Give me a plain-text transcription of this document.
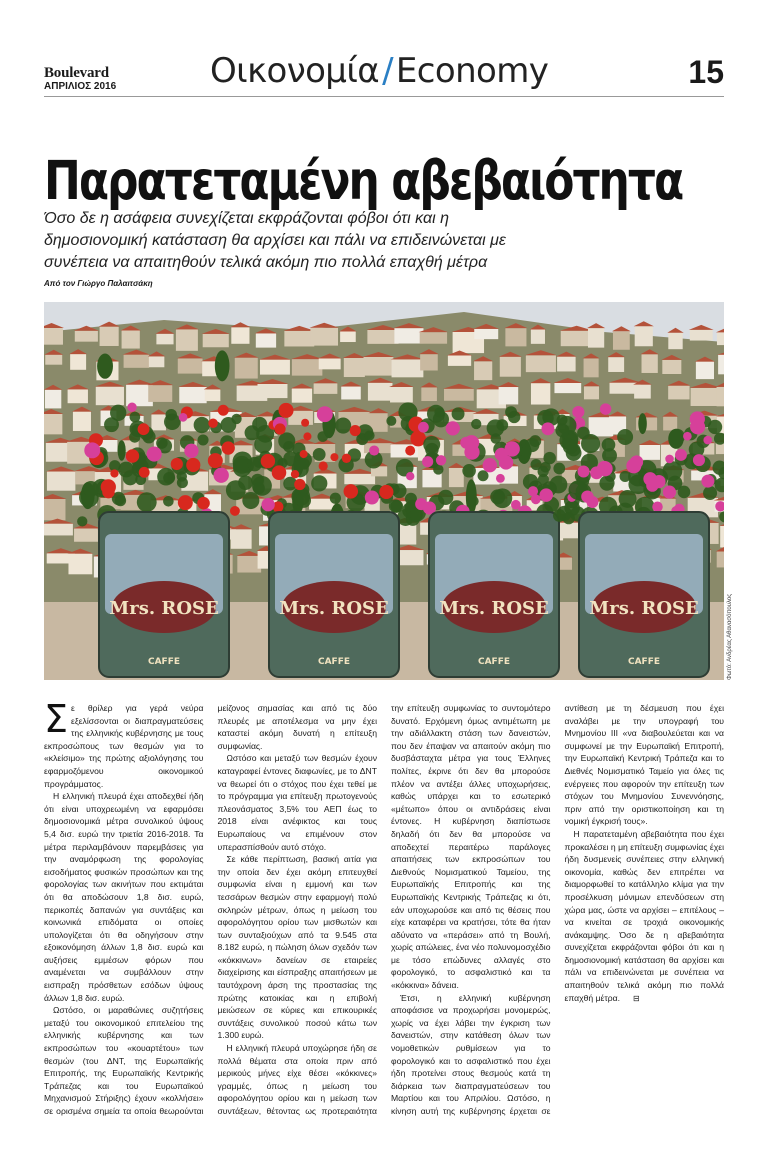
Boulevard
ΑΠΡΙΛΙΟΣ 2016	Οικονομία/Economy	15
Παρατεταμένη αβεβαιότητα

Όσο δε η ασάφεια συνεχίζεται εκφράζονται φόβοι ότι και η δημοσιονομική κατάσταση θα αρχίσει και πάλι να επιδεινώνεται με συνέπεια να απαιτηθούν τελικά ακόμη πιο πολλά επαχθή μέτρα

Από τον Γιώργο Παλαιτσάκη
Mrs. ROSE
CAFFE
Mrs. ROSE
CAFFE
Mrs. ROSE
CAFFE
Mrs. ROSE
CAFFE	Φωτό: Ανδρέας Αθανασόπουλος

Σε θρίλερ για γερά νεύρα εξελίσσονται οι διαπραγματεύσεις της ελληνικής κυβέρνησης με τους εκπροσώπους των θεσμών για το «κλείσιμο» της πρώτης αξιολόγησης του εφαρμοζόμενου οικονομικού προγράμματος.

Η ελληνική πλευρά έχει αποδεχθεί ήδη ότι είναι υποχρεωμένη να εφαρμόσει δημοσιονομικά μέτρα συνολικού ύψους 5,4 δισ. ευρώ την τριετία 2016-2018. Τα μέτρα περιλαμβάνουν παρεμβάσεις για την αναμόρφωση της φορολογίας εισοδήματος φυσικών προσώπων και της φορολογίας των ακινήτων που εκτιμάται ότι θα αποδώσουν 1,8 δισ. ευρώ, περικοπές δαπανών για συντάξεις και κοινωνικά επιδόματα οι οποίες υπολογίζεται ότι θα οδηγήσουν στην εξοικονόμηση άλλων 1,8 δισ. ευρώ και αυξήσεις εμμέσων φόρων που αναμένεται να συμβάλλουν στην εισπραξη πρόσθετων εσόδων ύψους άλλων 1,8 δισ. ευρώ.

Ωστόσο, οι μαραθώνιες συζητήσεις μεταξύ του οικονομικού επιτελείου της ελληνικής κυβέρνησης και των εκπροσώπων του «κουαρτέτου» των θεσμών (του ΔΝΤ, της Ευρωπαϊκής Επιτροπής, της Ευρωπαϊκής Κεντρικής Τράπεζας και του Ευρωπαϊκού Μηχανισμού Στήριξης) έχουν «κολλήσει» σε ορισμένα σημεία τα οποία θεωρούνται μείζονος σημασίας και από τις δύο πλευρές με αποτέλεσμα να μην έχει καταστεί ακόμη δυνατή η επίτευξη συμφωνίας.

Ωστόσο και μεταξύ των θεσμών έχουν καταγραφεί έντονες διαφωνίες, με το ΔΝΤ να θεωρεί ότι ο στόχος που έχει τεθεί με το πρόγραμμα για επίτευξη πρωτογενούς πλεονάσματος 3,5% του ΑΕΠ έως το 2018 είναι ανέφικτος και τους Ευρωπαίους να επιμένουν στον υπερασπίσθούν αυτό στόχο.

Σε κάθε περίπτωση, βασική αιτία για την οποία δεν έχει ακόμη επιτευχθεί συμφωνία είναι η εμμονή και των τεσσάρων θεσμών στην εφαρμογή πολύ σκληρών μέτρων, όπως η μείωση του αφορολόγητου ορίου των μισθωτών και των συνταξιούχων από τα 9.545 στα 8.182 ευρώ, η πώληση όλων σχεδόν των «κόκκινων» δανείων σε εταιρείες διαχείρισης και είσπραξης απαιτήσεων με ταυτόχρονη άρση της προστασίας της πρώτης κατοικίας και η επιβολή μειώσεων σε κύριες και επικουρικές συντάξεις συνολικού ποσού κάτω των 1.300 ευρώ.

Η ελληνική πλευρά υποχώρησε ήδη σε πολλά θέματα στα οποία πριν από μερικούς μήνες είχε θέσει «κόκκινες» γραμμές, όπως η μείωση του αφορολόγητου ορίου και η μείωση των συντάξεων, θέτοντας ως προτεραιότητα την επίτευξη συμφωνίας το συντομότερο δυνατό. Ερχόμενη όμως αντιμέτωπη με την αδιάλλακτη στάση των δανειστών, που δεν έπαψαν να απαιτούν ακόμη πιο δυσβάσταχτα μέτρα για τους Έλληνες πολίτες, έκρινε ότι δεν θα μπορούσε πλέον να αντέξει άλλες υποχωρήσεις, καθώς υπάρχει και το εσωτερικό «μέτωπο» όπου οι αντιδράσεις είναι έντονες. Η κυβέρνηση διαπίστωσε δηλαδή ότι δεν θα μπορούσε να αποδεχτεί περαιτέρω παράλογες απαιτήσεις των εκπροσώπων του Διεθνούς Νομισματικού Ταμείου, της Ευρωπαϊκής Επιτροπής και της Ευρωπαϊκής Κεντρικής Τράπεζας κι ότι, εάν υποχωρούσε και από τις θέσεις που είχε καταφέρει να κρατήσει, τότε θα ήταν αδύνατο να «περάσει» από τη Βουλή, χωρίς απώλειες, ένα νέο πολυνομοσχέδιο με τόσο επώδυνες αλλαγές στο φορολογικό, το ασφαλιστικό και τα «κόκκινα» δάνεια.

Έτσι, η ελληνική κυβέρνηση αποφάσισε να προχωρήσει μονομερώς, χωρίς να έχει λάβει την έγκριση των δανειστών, στην κατάθεση όλων των νομοθετικών ρυθμίσεων για το φορολογικό και το ασφαλιστικό που έχει ήδη προτείνει στους θεσμούς κατά τη διάρκεια των διαπραγματεύσεων του Μαρτίου και του Απριλίου. Ωστόσο, η κίνηση αυτή της κυβέρνησης έρχεται σε αντίθεση με τη δέσμευση που έχει αναλάβει με την υπογραφή του Μνημονίου ΙΙΙ «να διαβουλεύεται και να συμφωνεί με την Ευρωπαϊκή Επιτροπή, την Ευρωπαϊκή Κεντρική Τράπεζα και το Διεθνές Νομισματικό Ταμείο για όλες τις ενέργειες που αφορούν την επίτευξη των στόχων του Μνημονίου Συνεννόησης, πριν από την οριστικοποίηση και τη νομική έγκρισή τους».

Η παρατεταμένη αβεβαιότητα που έχει προκαλέσει η μη επίτευξη συμφωνίας έχει ήδη δυσμενείς συνέπειες στην ελληνική οικονομία, καθώς δεν επιτρέπει να διαμορφωθεί το κατάλληλο κλίμα για την προσέλκυση μόνιμων επενδύσεων στη χώρα μας, ώστε να αρχίσει – επιτέλους – να κινείται σε τροχιά οικονομικής ανάκαμψης. Όσο δε η αβεβαιότητα συνεχίζεται εκφράζονται φόβοι ότι και η δημοσιονομική κατάσταση θα αρχίσει και πάλι να επιδεινώνεται με συνέπεια να απαιτηθούν τελικά ακόμη πιο πολλά επαχθή μέτρα. ⊟
